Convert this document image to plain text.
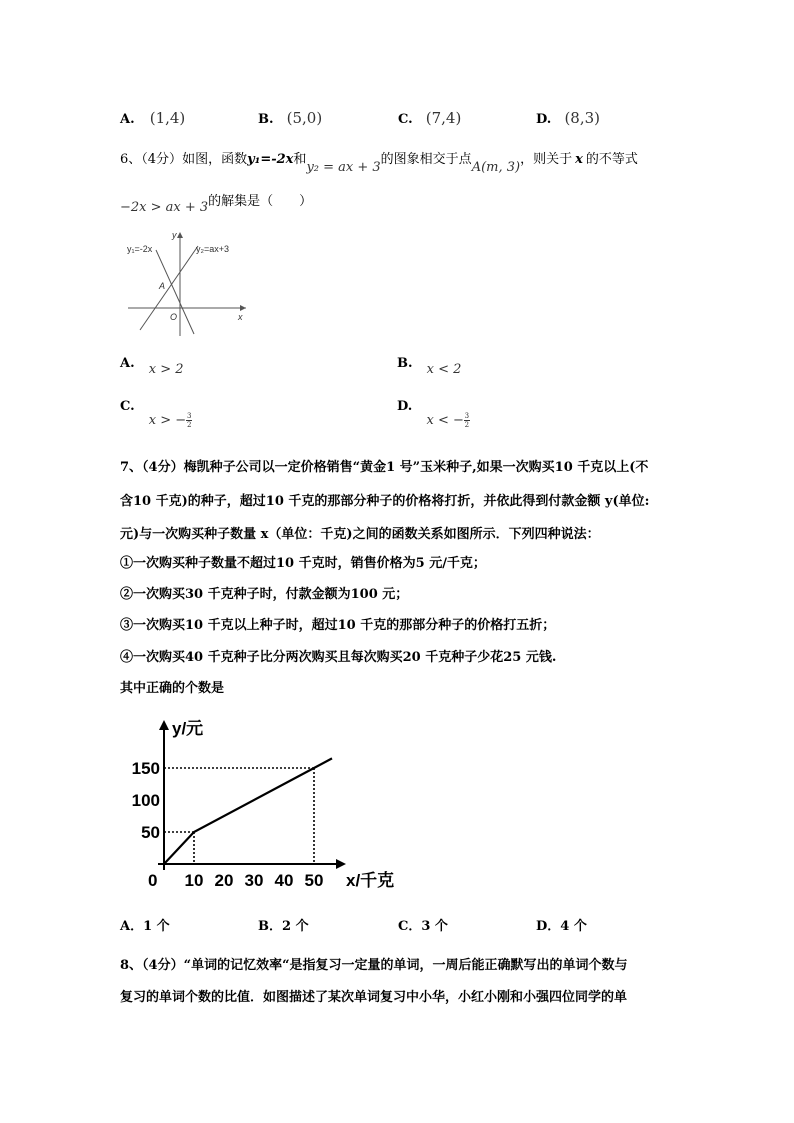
A. (1,4)	B. (5,0)	C. (7,4)	D. (8,3)
6、（4分）如图，函数y₁=-2x和y₂ = ax + 3的图象相交于点A(m, 3)，则关于 x 的不等式
−2x > ax + 3的解集是（　　）
y₁=-2x	y₂=ax+3
A
O	x
y
A. x > 2	B. x < 2
C. x > − $\frac{3}{2}$
D. x < − $\frac{3}{2}$
7、（4分）梅凯种子公司以一定价格销售“黄金1 号”玉米种子,如果一次购买10 千克以上(不
含10 千克)的种子，超过10 千克的那部分种子的价格将打折，并依此得到付款金额 y(单位:
元)与一次购买种子数量 x（单位：千克)之间的函数关系如图所示．下列四种说法：
①一次购买种子数量不超过10 千克时，销售价格为5 元/千克；
②一次购买30 千克种子时，付款金额为100 元；
③一次购买10 千克以上种子时，超过10 千克的那部分种子的价格打五折；
④一次购买40 千克种子比分两次购买且每次购买20 千克种子少花25 元钱.
其中正确的个数是
10 20 30 40 50
50
100
150
y/元
x/千克
0
A．1 个	B．2 个	C．3 个	D．4 个
8、（4分）“单词的记忆效率“是指复习一定量的单词，一周后能正确默写出的单词个数与
复习的单词个数的比值．如图描述了某次单词复习中小华，小红小刚和小强四位同学的单
